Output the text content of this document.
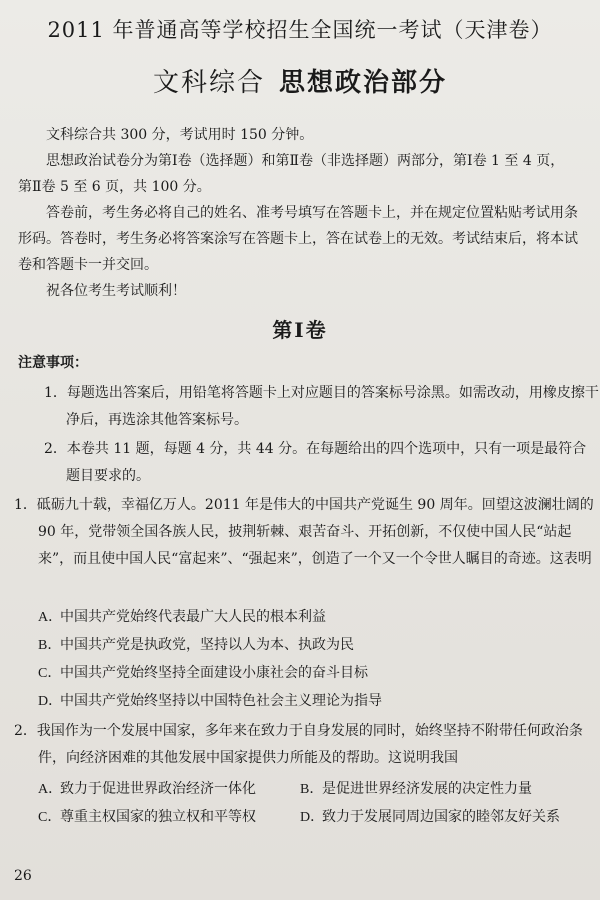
2011 年普通高等学校招生全国统一考试（天津卷）
文科综合 思想政治部分

文科综合共 300 分，考试用时 150 分钟。

思想政治试卷分为第Ⅰ卷（选择题）和第Ⅱ卷（非选择题）两部分，第Ⅰ卷 1 至 4 页，第Ⅱ卷 5 至 6 页，共 100 分。

答卷前，考生务必将自己的姓名、准考号填写在答题卡上，并在规定位置粘贴考试用条形码。答卷时，考生务必将答案涂写在答题卡上，答在试卷上的无效。考试结束后，将本试卷和答题卡一并交回。

祝各位考生考试顺利！

第Ⅰ卷
注意事项：

1．每题选出答案后，用铅笔将答题卡上对应题目的答案标号涂黑。如需改动，用橡皮擦干净后，再选涂其他答案标号。

2．本卷共 11 题，每题 4 分，共 44 分。在每题给出的四个选项中，只有一项是最符合题目要求的。

1．砥砺九十载，幸福亿万人。2011 年是伟大的中国共产党诞生 90 周年。回望这波澜壮阔的 90 年，党带领全国各族人民，披荆斩棘、艰苦奋斗、开拓创新，不仅使中国人民“站起来”，而且使中国人民“富起来”、“强起来”，创造了一个又一个令世人瞩目的奇迹。这表明

A．中国共产党始终代表最广大人民的根本利益
B．中国共产党是执政党，坚持以人为本、执政为民
C．中国共产党始终坚持全面建设小康社会的奋斗目标
D．中国共产党始终坚持以中国特色社会主义理论为指导

2．我国作为一个发展中国家，多年来在致力于自身发展的同时，始终坚持不附带任何政治条件，向经济困难的其他发展中国家提供力所能及的帮助。这说明我国

A．致力于促进世界政治经济一体化	B．是促进世界经济发展的决定性力量
C．尊重主权国家的独立权和平等权	D．致力于发展同周边国家的睦邻友好关系
26
